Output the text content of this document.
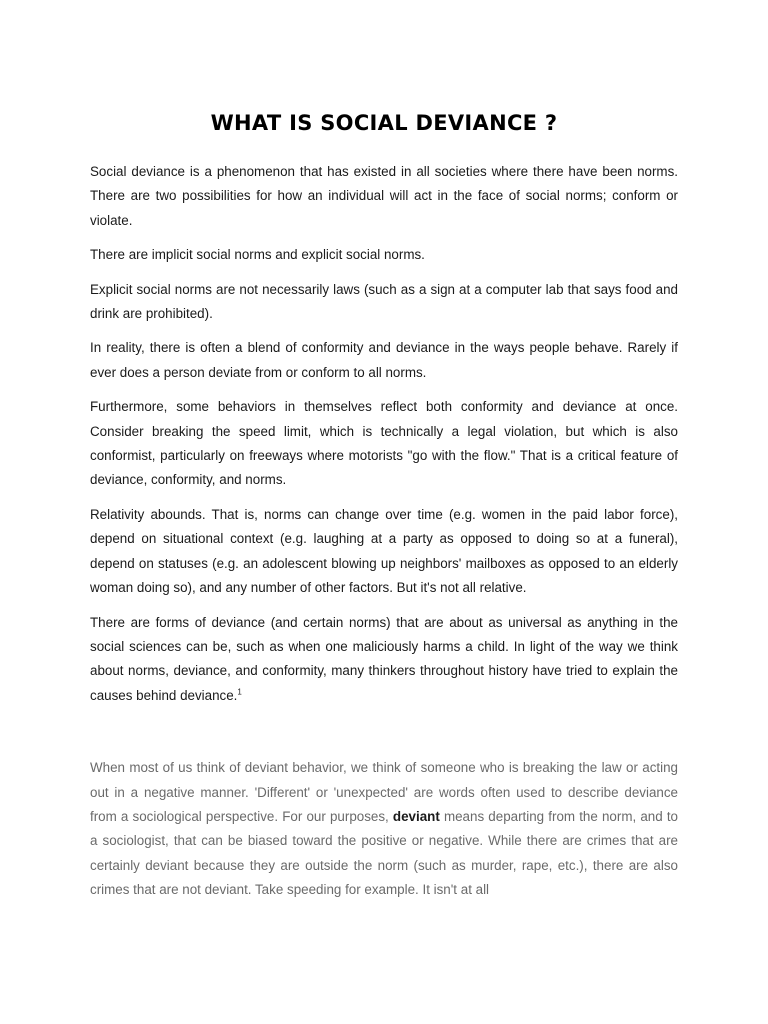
WHAT IS SOCIAL DEVIANCE ?

Social deviance is a phenomenon that has existed in all societies where there have been norms. There are two possibilities for how an individual will act in the face of social norms; conform or violate.

There are implicit social norms and explicit social norms.

Explicit social norms are not necessarily laws (such as a sign at a computer lab that says food and drink are prohibited).

In reality, there is often a blend of conformity and deviance in the ways people behave. Rarely if ever does a person deviate from or conform to all norms.

Furthermore, some behaviors in themselves reflect both conformity and deviance at once. Consider breaking the speed limit, which is technically a legal violation, but which is also conformist, particularly on freeways where motorists "go with the flow." That is a critical feature of deviance, conformity, and norms.

Relativity abounds. That is, norms can change over time (e.g. women in the paid labor force), depend on situational context (e.g. laughing at a party as opposed to doing so at a funeral), depend on statuses (e.g. an adolescent blowing up neighbors' mailboxes as opposed to an elderly woman doing so), and any number of other factors. But it's not all relative.

There are forms of deviance (and certain norms) that are about as universal as anything in the social sciences can be, such as when one maliciously harms a child. In light of the way we think about norms, deviance, and conformity, many thinkers throughout history have tried to explain the causes behind deviance.$^1$

When most of us think of deviant behavior, we think of someone who is breaking the law or acting out in a negative manner. 'Different' or 'unexpected' are words often used to describe deviance from a sociological perspective. For our purposes, deviant means departing from the norm, and to a sociologist, that can be biased toward the positive or negative. While there are crimes that are certainly deviant because they are outside the norm (such as murder, rape, etc.), there are also crimes that are not deviant. Take speeding for example. It isn't at all
